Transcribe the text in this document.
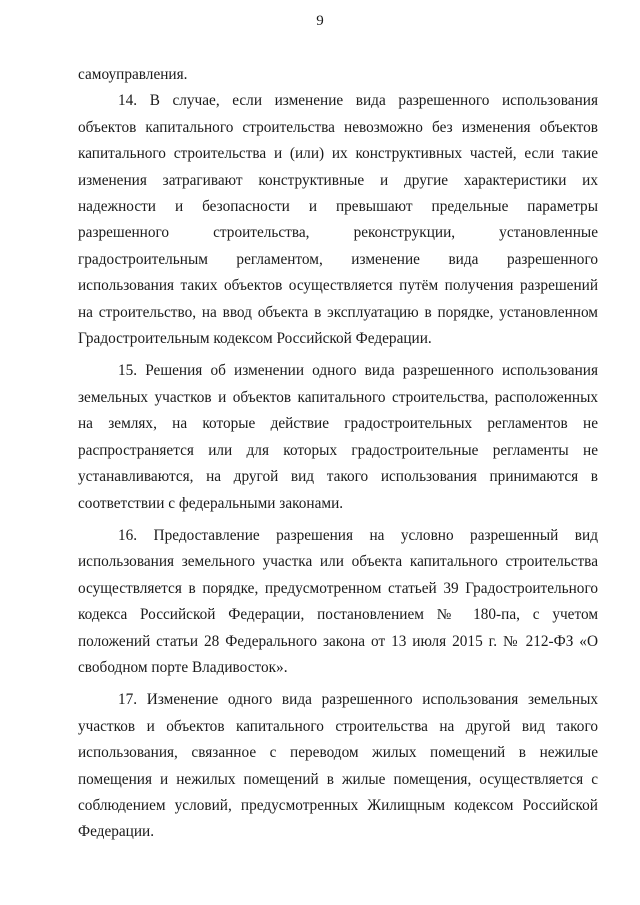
9

самоуправления.

14. В случае, если изменение вида разрешенного использования объектов капитального строительства невозможно без изменения объектов капитального строительства и (или) их конструктивных частей, если такие изменения затрагивают конструктивные и другие характеристики их надежности и безопасности и превышают предельные параметры разрешенного строительства, реконструкции, установленные градостроительным регламентом, изменение вида разрешенного использования таких объектов осуществляется путём получения разрешений на строительство, на ввод объекта в эксплуатацию в порядке, установленном Градостроительным кодексом Российской Федерации.

15. Решения об изменении одного вида разрешенного использования земельных участков и объектов капитального строительства, расположенных на землях, на которые действие градостроительных регламентов не распространяется или для которых градостроительные регламенты не устанавливаются, на другой вид такого использования принимаются в соответствии с федеральными законами.

16. Предоставление разрешения на условно разрешенный вид использования земельного участка или объекта капитального строительства осуществляется в порядке, предусмотренном статьей 39 Градостроительного кодекса Российской Федерации, постановлением № 180-па, с учетом положений статьи 28 Федерального закона от 13 июля 2015 г. № 212-ФЗ «О свободном порте Владивосток».

17. Изменение одного вида разрешенного использования земельных участков и объектов капитального строительства на другой вид такого использования, связанное с переводом жилых помещений в нежилые помещения и нежилых помещений в жилые помещения, осуществляется с соблюдением условий, предусмотренных Жилищным кодексом Российской Федерации.
